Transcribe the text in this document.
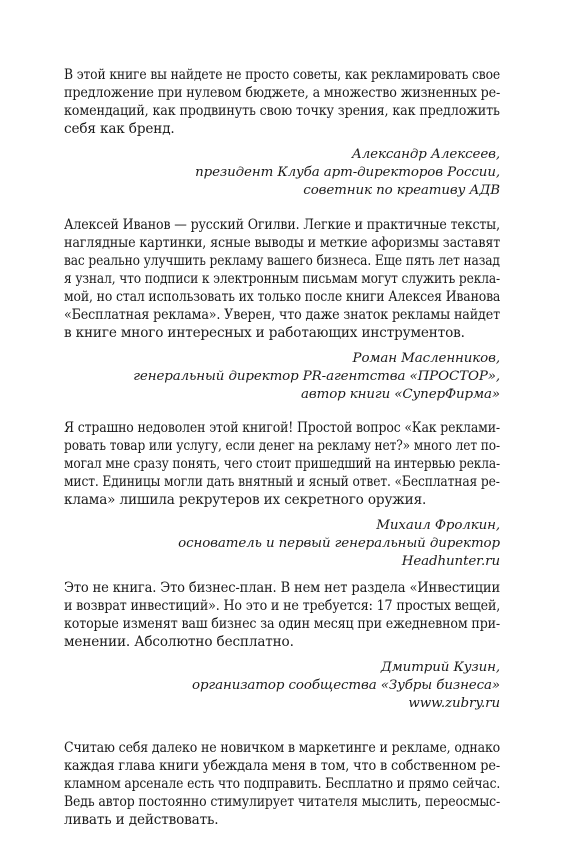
В этой книге вы найдете не просто советы, как рекламировать свое
предложение при нулевом бюджете, а множество жизненных ре-
комендаций, как продвинуть свою точку зрения, как предложить
себя как бренд.

Александр Алексеев,
президент Клуба арт-директоров России,
советник по креативу АДВ

Алексей Иванов — русский Огилви. Легкие и практичные тексты,
наглядные картинки, ясные выводы и меткие афоризмы заставят
вас реально улучшить рекламу вашего бизнеса. Еще пять лет назад
я узнал, что подписи к электронным письмам могут служить рекла-
мой, но стал использовать их только после книги Алексея Иванова
«Бесплатная реклама». Уверен, что даже знаток рекламы найдет
в книге много интересных и работающих инструментов.

Роман Масленников,
генеральный директор PR-агентства «ПРОСТОР»,
автор книги «СуперФирма»

Я страшно недоволен этой книгой! Простой вопрос «Как реклами-
ровать товар или услугу, если денег на рекламу нет?» много лет по-
могал мне сразу понять, чего стоит пришедший на интервью рекла-
мист. Единицы могли дать внятный и ясный ответ. «Бесплатная ре-
клама» лишила рекрутеров их секретного оружия.

Михаил Фролкин,
основатель и первый генеральный директор
Headhunter.ru

Это не книга. Это бизнес-план. В нем нет раздела «Инвестиции
и возврат инвестиций». Но это и не требуется: 17 простых вещей,
которые изменят ваш бизнес за один месяц при ежедневном при-
менении. Абсолютно бесплатно.

Дмитрий Кузин,
организатор сообщества «Зубры бизнеса»
www.zubry.ru

Считаю себя далеко не новичком в маркетинге и рекламе, однако
каждая глава книги убеждала меня в том, что в собственном ре-
кламном арсенале есть что подправить. Бесплатно и прямо сейчас.
Ведь автор постоянно стимулирует читателя мыслить, переосмыс-
ливать и действовать.
